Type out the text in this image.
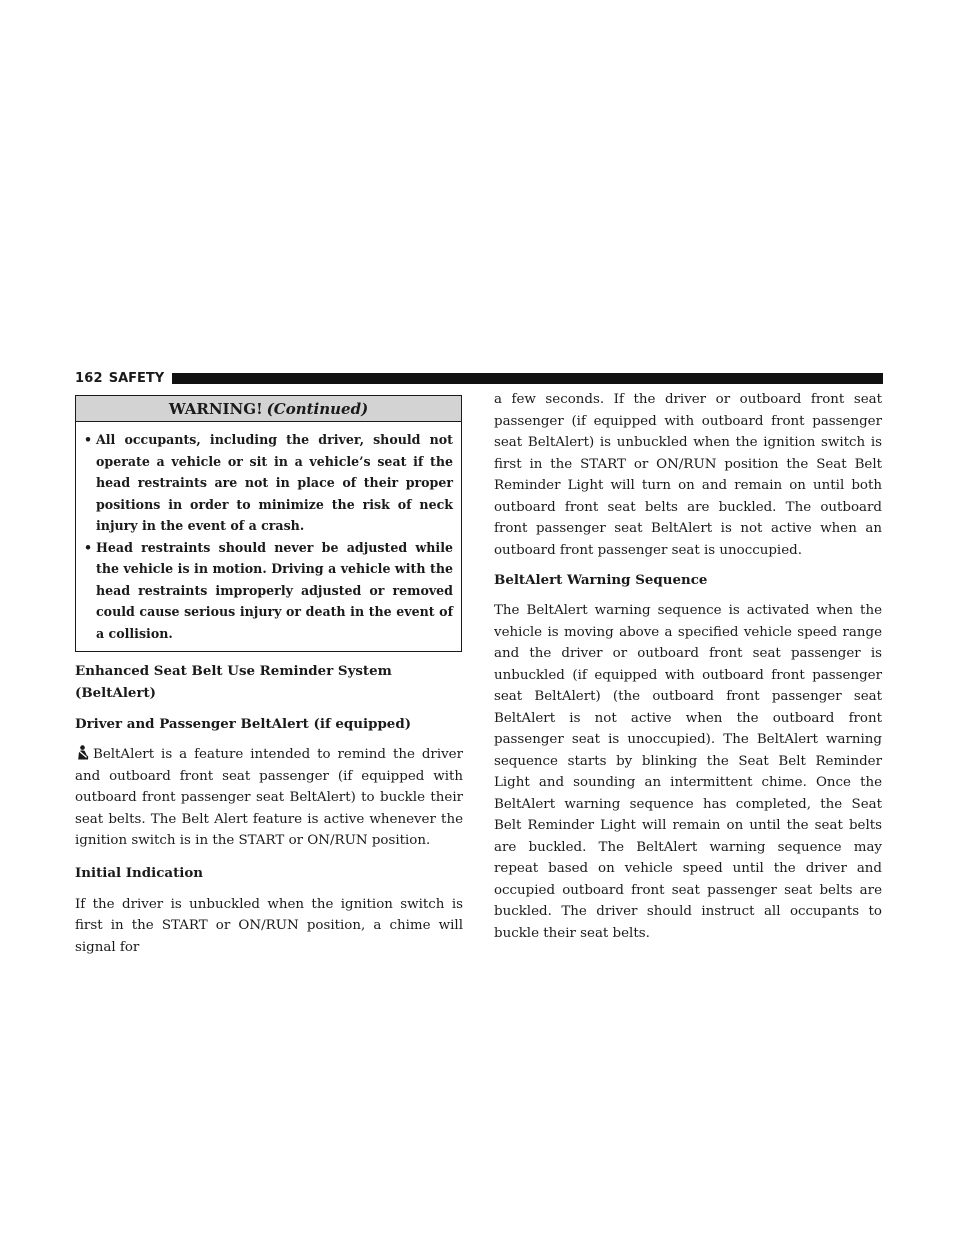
162 SAFETY
WARNING! (Continued)
• All occupants, including the driver, should not operate a vehicle or sit in a vehicle’s seat if the head restraints are not in place of their proper positions in order to minimize the risk of neck injury in the event of a crash.
• Head restraints should never be adjusted while the vehicle is in motion. Driving a vehicle with the head restraints improperly adjusted or removed could cause serious injury or death in the event of a collision.
Enhanced Seat Belt Use Reminder System (BeltAlert)
Driver and Passenger BeltAlert (if equipped)

BeltAlert is a feature intended to remind the driver and outboard front seat passenger (if equipped with outboard front passenger seat BeltAlert) to buckle their seat belts. The Belt Alert feature is active whenever the ignition switch is in the START or ON/RUN position.

Initial Indication

If the driver is unbuckled when the ignition switch is first in the START or ON/RUN position, a chime will signal for

a few seconds. If the driver or outboard front seat passenger (if equipped with outboard front passenger seat BeltAlert) is unbuckled when the ignition switch is first in the START or ON/RUN position the Seat Belt Reminder Light will turn on and remain on until both outboard front seat belts are buckled. The outboard front passenger seat BeltAlert is not active when an outboard front passenger seat is unoccupied.

BeltAlert Warning Sequence

The BeltAlert warning sequence is activated when the vehicle is moving above a specified vehicle speed range and the driver or outboard front seat passenger is unbuckled (if equipped with outboard front passenger seat BeltAlert) (the outboard front passenger seat BeltAlert is not active when the outboard front passenger seat is unoccupied). The BeltAlert warning sequence starts by blinking the Seat Belt Reminder Light and sounding an intermittent chime. Once the BeltAlert warning sequence has completed, the Seat Belt Reminder Light will remain on until the seat belts are buckled. The BeltAlert warning sequence may repeat based on vehicle speed until the driver and occupied outboard front seat passenger seat belts are buckled. The driver should instruct all occupants to buckle their seat belts.
